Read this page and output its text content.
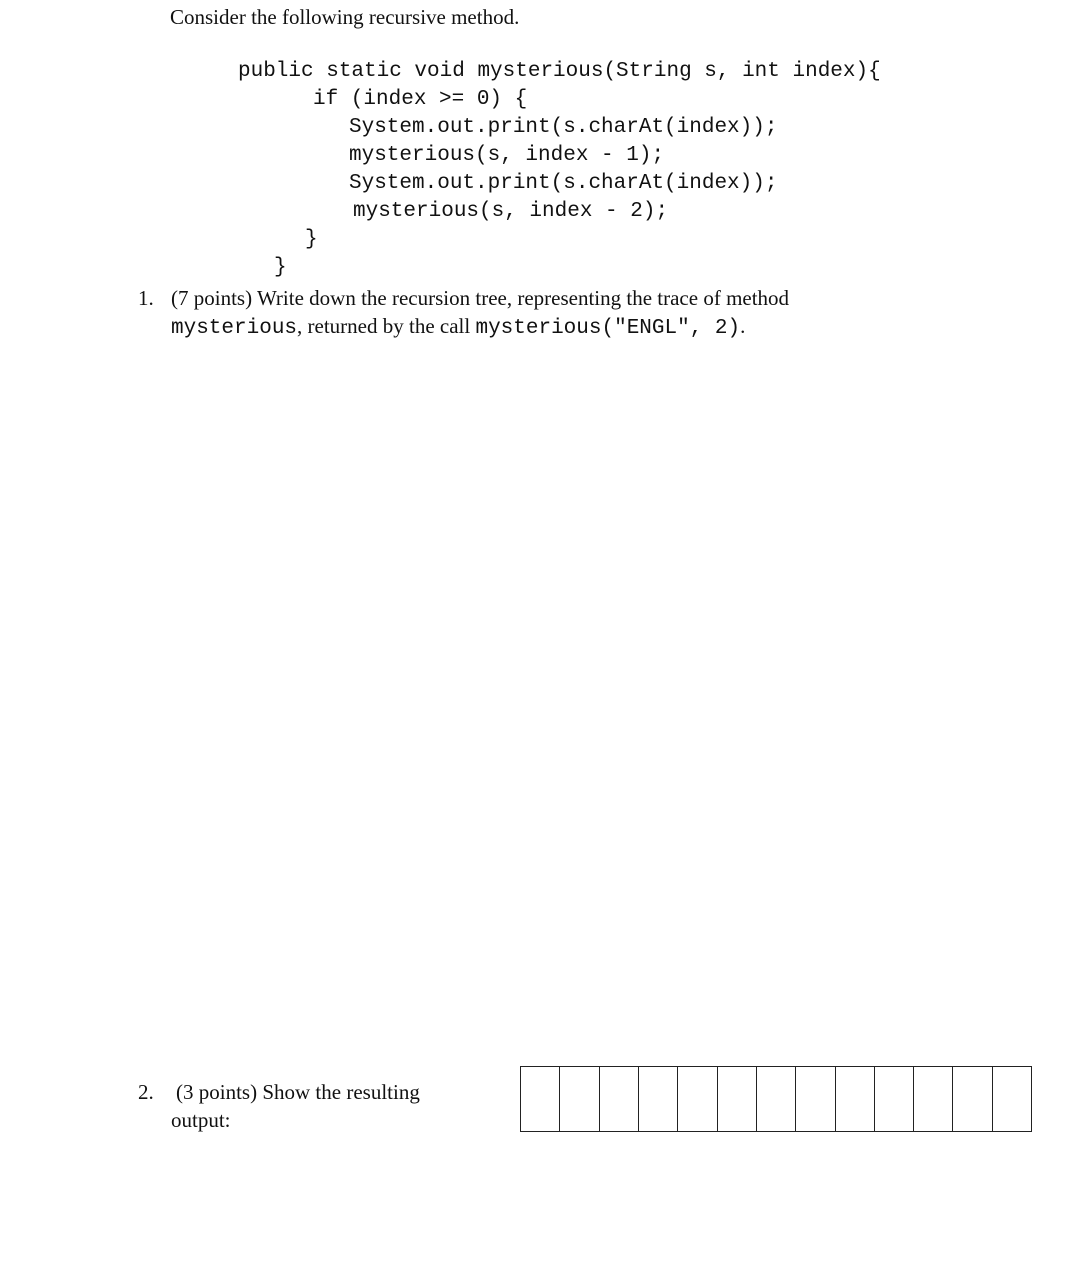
Consider the following recursive method.
public static void mysterious(String s, int index){
if (index >= 0) {
System.out.print(s.charAt(index));
mysterious(s, index - 1);
System.out.print(s.charAt(index));
mysterious(s, index - 2);
}
}
1. (7 points) Write down the recursion tree, representing the trace of method
mysterious, returned by the call mysterious("ENGL", 2).
2. (3 points) Show the resulting
output:
